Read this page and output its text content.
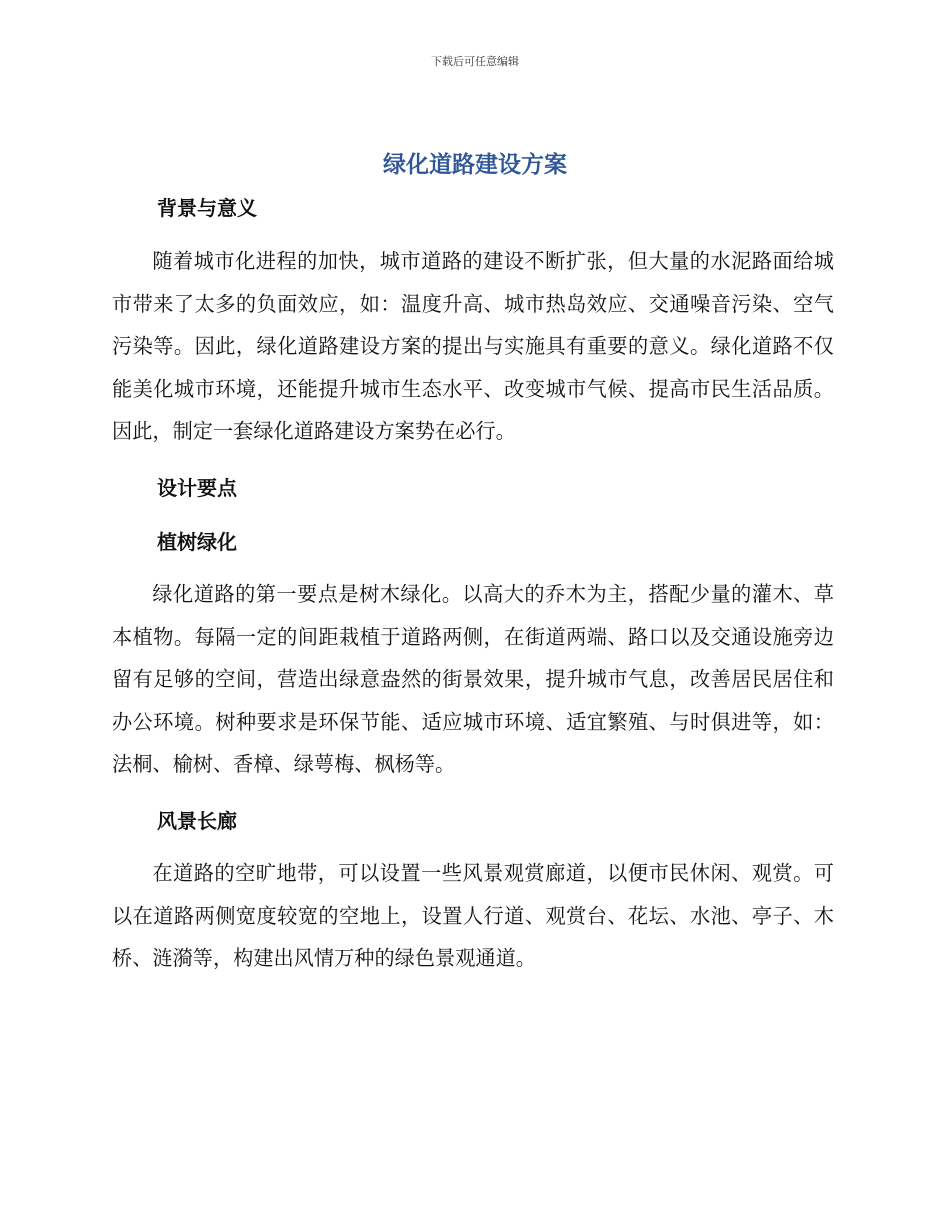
下载后可任意编辑
绿化道路建设方案
背景与意义

随着城市化进程的加快，城市道路的建设不断扩张，但大量的水泥路面给城市带来了太多的负面效应，如：温度升高、城市热岛效应、交通噪音污染、空气污染等。因此，绿化道路建设方案的提出与实施具有重要的意义。绿化道路不仅能美化城市环境，还能提升城市生态水平、改变城市气候、提高市民生活品质。因此，制定一套绿化道路建设方案势在必行。

设计要点
植树绿化

绿化道路的第一要点是树木绿化。以高大的乔木为主，搭配少量的灌木、草本植物。每隔一定的间距栽植于道路两侧，在街道两端、路口以及交通设施旁边留有足够的空间，营造出绿意盎然的街景效果，提升城市气息，改善居民居住和办公环境。树种要求是环保节能、适应城市环境、适宜繁殖、与时俱进等，如：法桐、榆树、香樟、绿萼梅、枫杨等。

风景长廊

在道路的空旷地带，可以设置一些风景观赏廊道，以便市民休闲、观赏。可以在道路两侧宽度较宽的空地上，设置人行道、观赏台、花坛、水池、亭子、木桥、涟漪等，构建出风情万种的绿色景观通道。
